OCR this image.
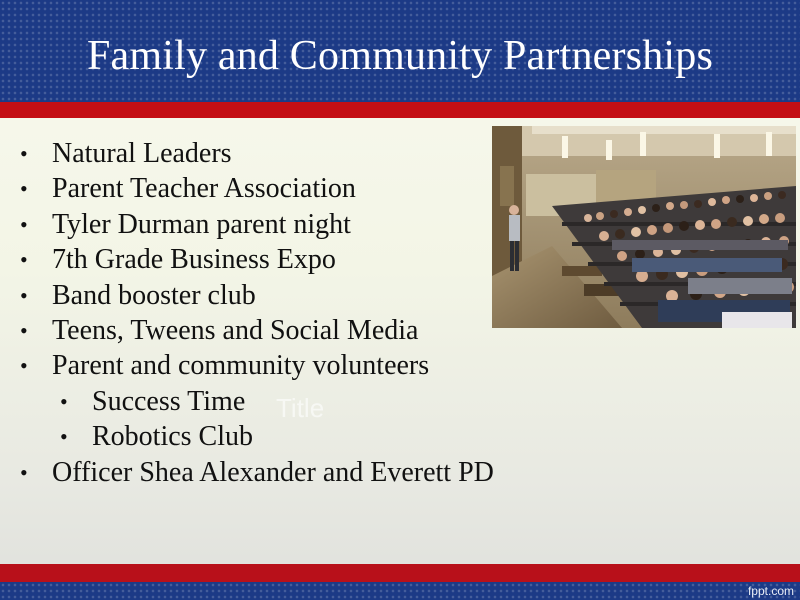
Family and Community Partnerships
• Natural Leaders
• Parent Teacher Association
• Tyler Durman parent night
• 7th Grade Business Expo
• Band booster club
• Teens, Tweens and Social Media
• Parent and community volunteers
• Success Time
• Robotics Club
• Officer Shea Alexander and Everett PD
Title
fppt.com
